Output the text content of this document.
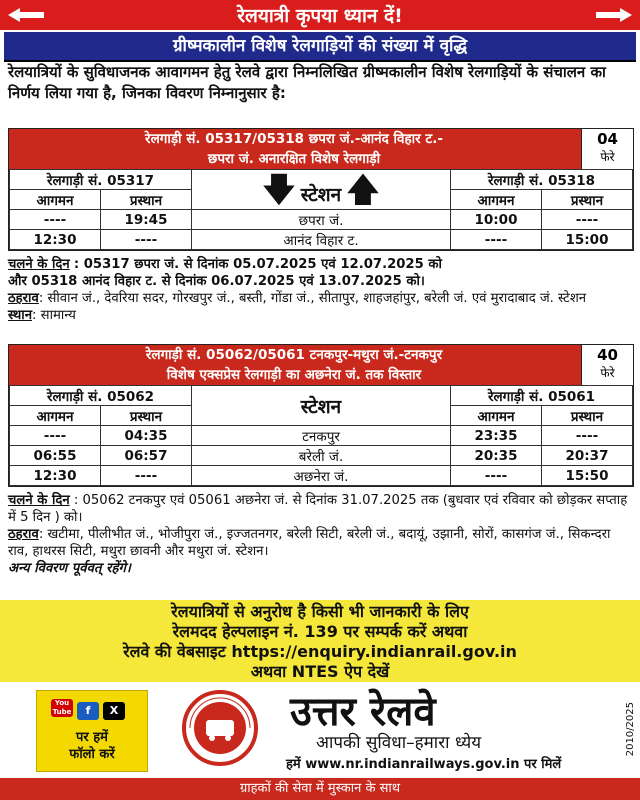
रेलयात्री कृपया ध्यान दें!
ग्रीष्मकालीन विशेष रेलगाड़ियों की संख्या में वृद्धि
रेलयात्रियों के सुविधाजनक आवागमन हेतु रेलवे द्वारा निम्नलिखित ग्रीष्मकालीन विशेष रेलगाड़ियों के संचालन का निर्णय लिया गया है, जिनका विवरण निम्नानुसार है:
रेलगाड़ी सं. 05317/05318 छपरा जं.-आनंद विहार ट.-
छपरा जं. अनारक्षित विशेष रेलगाड़ी
04
फेरे
रेलगाड़ी सं. 05317		🡇 स्टेशन 🡅	रेलगाड़ी सं. 05318	
आगमन	प्रस्थान		आगमन	प्रस्थान
----	19:45	छपरा जं.	10:00	----
12:30	----	आनंद विहार ट.	----	15:00
चलने के दिन : 05317 छपरा जं. से दिनांक 05.07.2025 एवं 12.07.2025 को
और 05318 आनंद विहार ट. से दिनांक 06.07.2025 एवं 13.07.2025 को।
ठहराव: सीवान जं., देवरिया सदर, गोरखपुर जं., बस्ती, गोंडा जं., सीतापुर, शाहजहांपुर, बरेली जं. एवं मुरादाबाद जं. स्टेशन
स्थान: सामान्य
रेलगाड़ी सं. 05062/05061 टनकपुर-मथुरा जं.-टनकपुर
विशेष एक्सप्रेस रेलगाड़ी का अछनेरा जं. तक विस्तार
40
फेरे
रेलगाड़ी सं. 05062		स्टेशन	रेलगाड़ी सं. 05061	
आगमन	प्रस्थान		आगमन	प्रस्थान
----	04:35	टनकपुर	23:35	----
06:55	06:57	बरेली जं.	20:35	20:37
12:30	----	अछनेरा जं.	----	15:50
चलने के दिन : 05062 टनकपुर एवं 05061 अछनेरा जं. से दिनांक 31.07.2025 तक (बुधवार एवं रविवार को छोड़कर सप्ताह में 5 दिन ) को।
ठहराव: खटीमा, पीलीभीत जं., भोजीपुरा जं., इज्जतनगर, बरेली सिटी, बरेली जं., बदायूं, उझानी, सोरों, कासगंज जं., सिकन्दरा राव, हाथरस सिटी, मथुरा छावनी और मथुरा जं. स्टेशन।
अन्य विवरण पूर्ववत् रहेंगे।
रेलयात्रियों से अनुरोध है किसी भी जानकारी के लिए
रेलमदद हेल्पलाइन नं. 139 पर सम्पर्क करें अथवा
रेलवे की वेबसाइट https://enquiry.indianrail.gov.in
अथवा NTES ऐप देखें
You Tube f X
पर हमें
फॉलो करें
उत्तर रेलवे
आपकी सुविधा–हमारा ध्येय
हमें www.nr.indianrailways.gov.in पर मिलें
2010/2025
ग्राहकों की सेवा में मुस्कान के साथ
